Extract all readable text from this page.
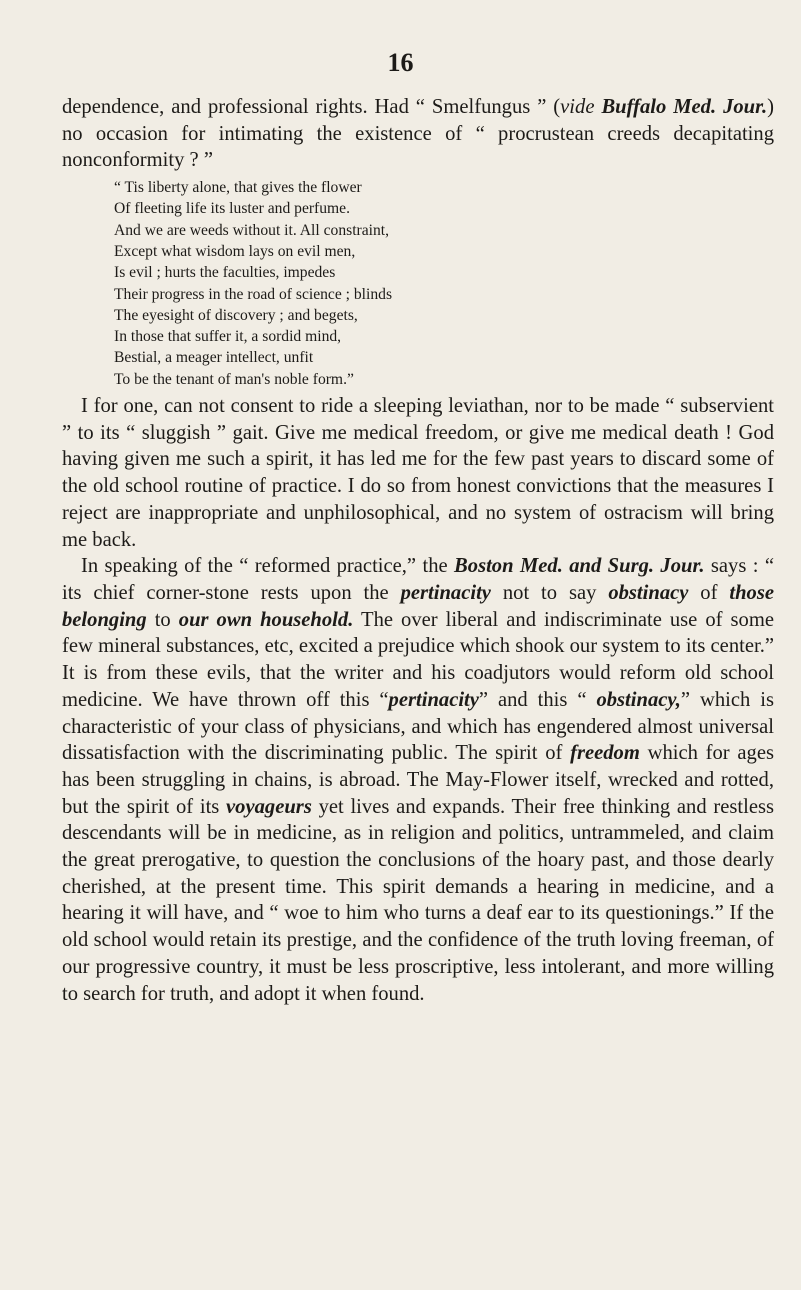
16

dependence, and professional rights. Had “ Smelfungus ” (vide Buffalo Med. Jour.) no occasion for intimating the existence of “ procrustean creeds decapitating nonconformity ? ”

“ Tis liberty alone, that gives the flower
Of fleeting life its luster and perfume.
And we are weeds without it. All constraint,
Except what wisdom lays on evil men,
Is evil ; hurts the faculties, impedes
Their progress in the road of science ; blinds
The eyesight of discovery ; and begets,
In those that suffer it, a sordid mind,
Bestial, a meager intellect, unfit
To be the tenant of man's noble form.”

I for one, can not consent to ride a sleeping leviathan, nor to be made “ subservient ” to its “ sluggish ” gait. Give me medical freedom, or give me medical death ! God having given me such a spirit, it has led me for the few past years to discard some of the old school routine of practice. I do so from honest convictions that the measures I reject are inappropriate and unphilosophical, and no system of ostracism will bring me back.

In speaking of the “ reformed practice,” the Boston Med. and Surg. Jour. says : “ its chief corner-stone rests upon the pertinacity not to say obstinacy of those belonging to our own household. The over liberal and indiscriminate use of some few mineral substances, etc, excited a prejudice which shook our system to its center.” It is from these evils, that the writer and his coadjutors would reform old school medicine. We have thrown off this “pertinacity” and this “ obstinacy,” which is characteristic of your class of physicians, and which has engendered almost universal dissatisfaction with the discriminating public. The spirit of freedom which for ages has been struggling in chains, is abroad. The May-Flower itself, wrecked and rotted, but the spirit of its voyageurs yet lives and expands. Their free thinking and restless descendants will be in medicine, as in religion and politics, untrammeled, and claim the great prerogative, to question the conclusions of the hoary past, and those dearly cherished, at the present time. This spirit demands a hearing in medicine, and a hearing it will have, and “ woe to him who turns a deaf ear to its questionings.” If the old school would retain its prestige, and the confidence of the truth loving freeman, of our progressive country, it must be less proscriptive, less intolerant, and more willing to search for truth, and adopt it when found.
